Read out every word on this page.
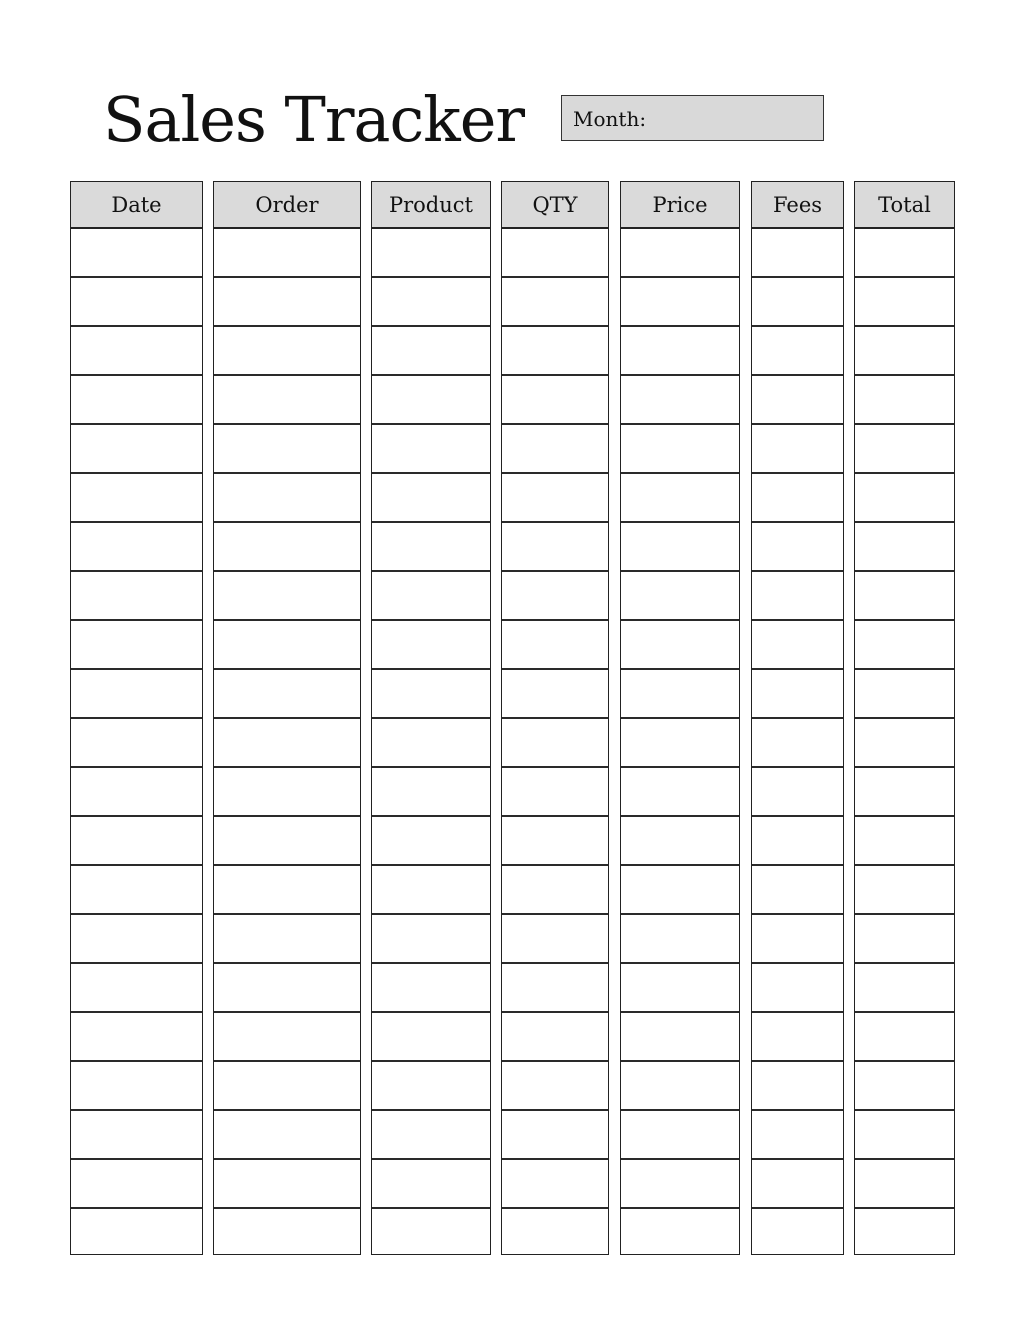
Sales Tracker Month:
Date	Order	Product	QTY	Price	Fees	Total
